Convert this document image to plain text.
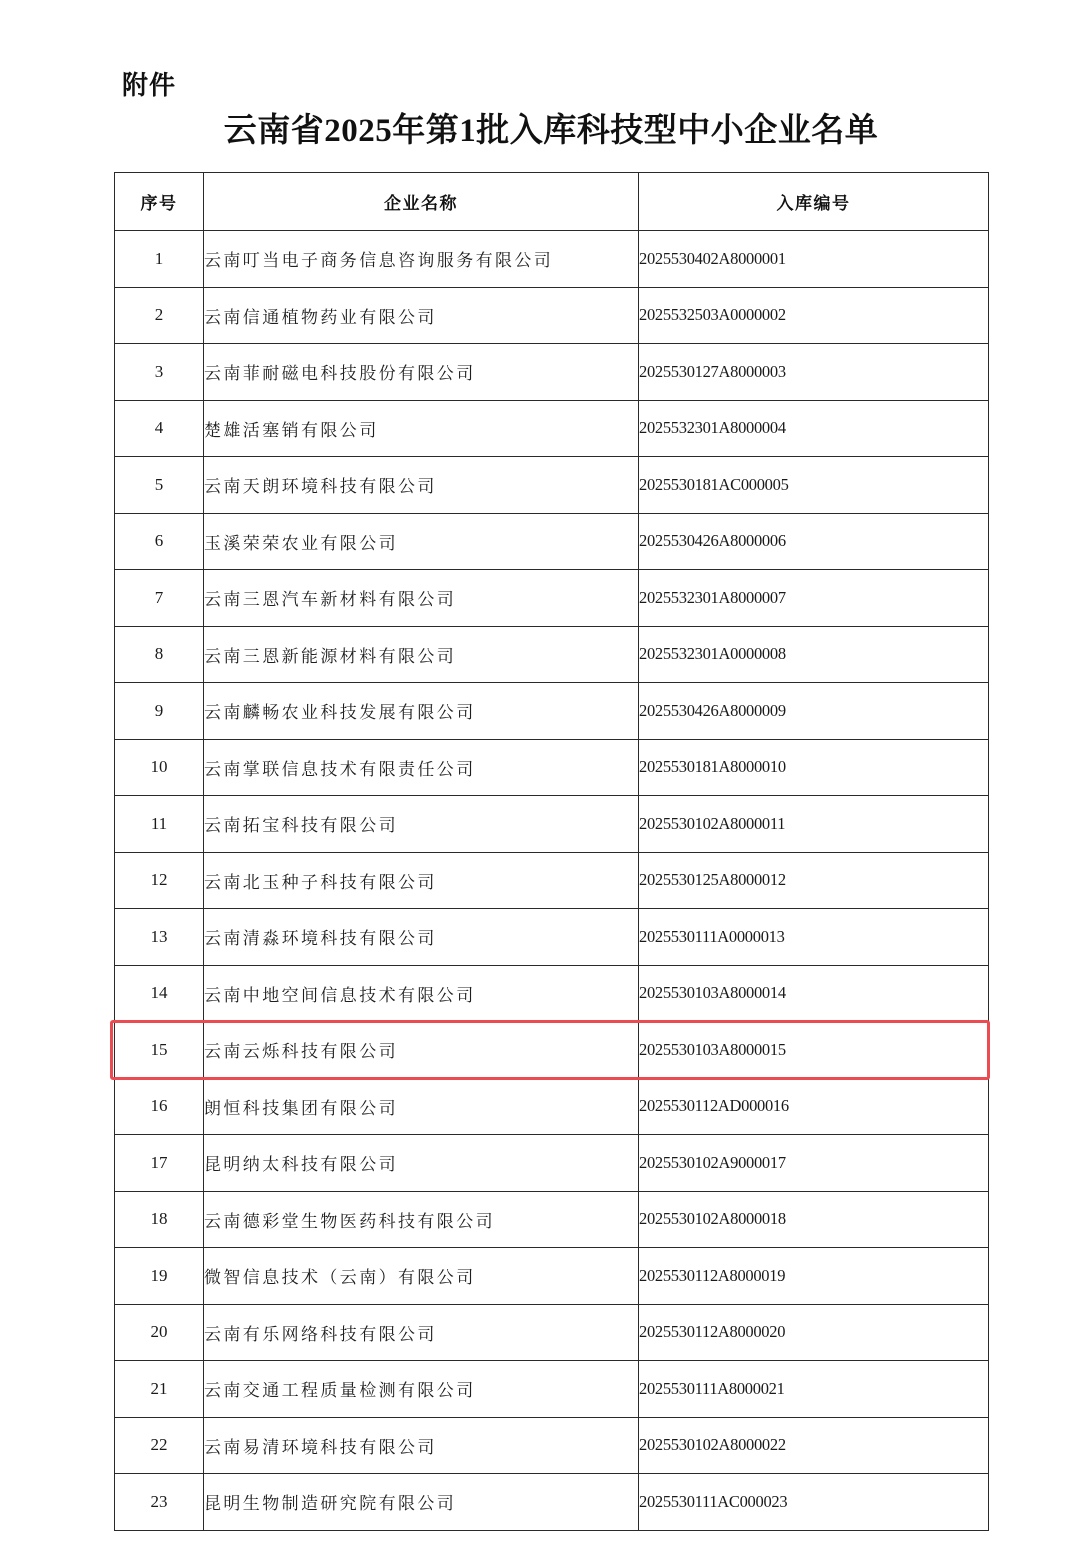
附件
云南省2025年第1批入库科技型中小企业名单
序号	企业名称	入库编号
1	云南叮当电子商务信息咨询服务有限公司	2025530402A8000001
2	云南信通植物药业有限公司	2025532503A0000002
3	云南菲耐磁电科技股份有限公司	2025530127A8000003
4	楚雄活塞销有限公司	2025532301A8000004
5	云南天朗环境科技有限公司	2025530181AC000005
6	玉溪荣荣农业有限公司	2025530426A8000006
7	云南三恩汽车新材料有限公司	2025532301A8000007
8	云南三恩新能源材料有限公司	2025532301A0000008
9	云南麟畅农业科技发展有限公司	2025530426A8000009
10	云南掌联信息技术有限责任公司	2025530181A8000010
11	云南拓宝科技有限公司	2025530102A8000011
12	云南北玉种子科技有限公司	2025530125A8000012
13	云南清淼环境科技有限公司	2025530111A0000013
14	云南中地空间信息技术有限公司	2025530103A8000014
15	云南云烁科技有限公司	2025530103A8000015
16	朗恒科技集团有限公司	2025530112AD000016
17	昆明纳太科技有限公司	2025530102A9000017
18	云南德彩堂生物医药科技有限公司	2025530102A8000018
19	微智信息技术（云南）有限公司	2025530112A8000019
20	云南有乐网络科技有限公司	2025530112A8000020
21	云南交通工程质量检测有限公司	2025530111A8000021
22	云南易清环境科技有限公司	2025530102A8000022
23	昆明生物制造研究院有限公司	2025530111AC000023
